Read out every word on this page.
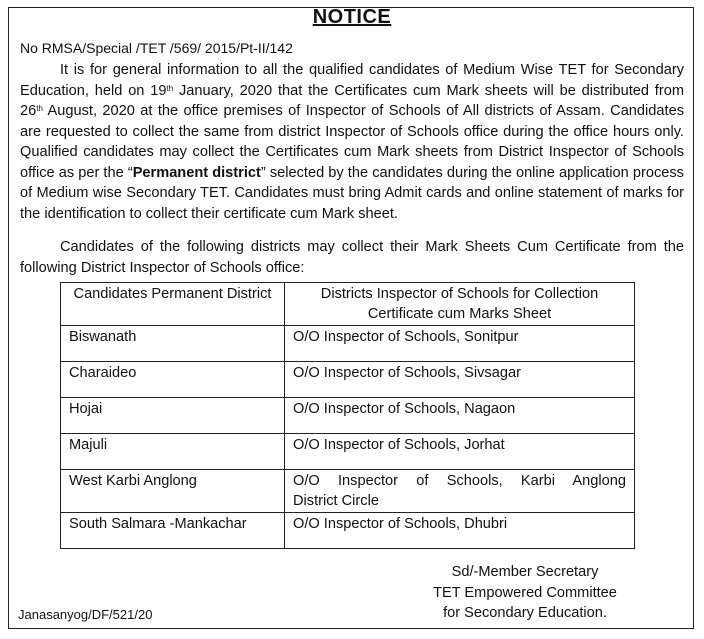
NOTICE
No RMSA/Special /TET /569/ 2015/Pt-II/142

It is for general information to all the qualified candidates of Medium Wise TET for Secondary Education, held on 19th January, 2020 that the Certificates cum Mark sheets will be distributed from 26th August, 2020 at the office premises of Inspector of Schools of All districts of Assam. Candidates are requested to collect the same from district Inspector of Schools office during the office hours only. Qualified candidates may collect the Certificates cum Mark sheets from District Inspector of Schools office as per the “Permanent district” selected by the candidates during the online application process of Medium wise Secondary TET. Candidates must bring Admit cards and online statement of marks for the identification to collect their certificate cum Mark sheet.

Candidates of the following districts may collect their Mark Sheets Cum Certificate from the following District Inspector of Schools office:

Candidates Permanent District	Districts Inspector of Schools for Collection Certificate cum Marks Sheet
Biswanath	O/O Inspector of Schools, Sonitpur
Charaideo	O/O Inspector of Schools, Sivsagar
Hojai	O/O Inspector of Schools, Nagaon
Majuli	O/O Inspector of Schools, Jorhat
West Karbi Anglong	O/O Inspector of Schools, Karbi Anglong
District Circle

South Salmara -Mankachar	O/O Inspector of Schools, Dhubri
Sd/-Member Secretary
TET Empowered Committee
for Secondary Education.
Janasanyog/DF/521/20
